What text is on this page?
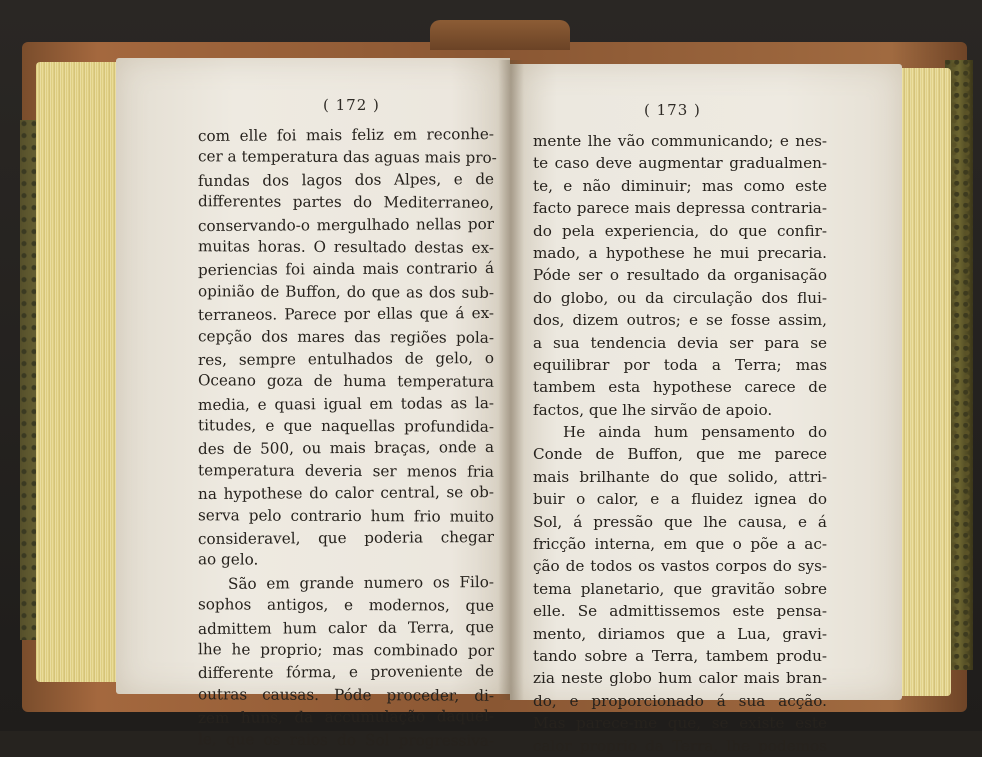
( 172 )	( 173 )
com elle foi mais feliz em reconhe-
cer a temperatura das aguas mais pro-
fundas dos lagos dos Alpes, e de
differentes partes do Mediterraneo,
conservando-o mergulhado nellas por
muitas horas. O resultado destas ex-
periencias foi ainda mais contrario á
opinião de Buffon, do que as dos sub-
terraneos. Parece por ellas que á ex-
cepção dos mares das regiões pola-
res, sempre entulhados de gelo, o
Oceano goza de huma temperatura
media, e quasi igual em todas as la-
titudes, e que naquellas profundida-
des de 500, ou mais braças, onde a
temperatura deveria ser menos fria
na hypothese do calor central, se ob-
serva pelo contrario hum frio muito
consideravel, que poderia chegar
ao gelo.
São em grande numero os Filo-
sophos antigos, e modernos, que
admittem hum calor da Terra, que
lhe he proprio; mas combinado por
differente fórma, e proveniente de
outras causas. Póde proceder, di-
zem huns, da accumulação daquel-
le, que os raios do Sol progressiva-
mente lhe vão communicando; e nes-
te caso deve augmentar gradualmen-
te, e não diminuir; mas como este
facto parece mais depressa contraria-
do pela experiencia, do que confir-
mado, a hypothese he mui precaria.
Póde ser o resultado da organisação
do globo, ou da circulação dos flui-
dos, dizem outros; e se fosse assim,
a sua tendencia devia ser para se
equilibrar por toda a Terra; mas
tambem esta hypothese carece de
factos, que lhe sirvão de apoio.
He ainda hum pensamento do
Conde de Buffon, que me parece
mais brilhante do que solido, attri-
buir o calor, e a fluidez ignea do
Sol, á pressão que lhe causa, e á
fricção interna, em que o põe a ac-
ção de todos os vastos corpos do sys-
tema planetario, que gravitão sobre
elle. Se admittissemos este pensa-
mento, diriamos que a Lua, gravi-
tando sobre a Terra, tambem produ-
zia neste globo hum calor mais bran-
do, e proporcionado á sua acção.
Mas parece-me que, se existe este
calor proprio da Terra, lhe podemos
